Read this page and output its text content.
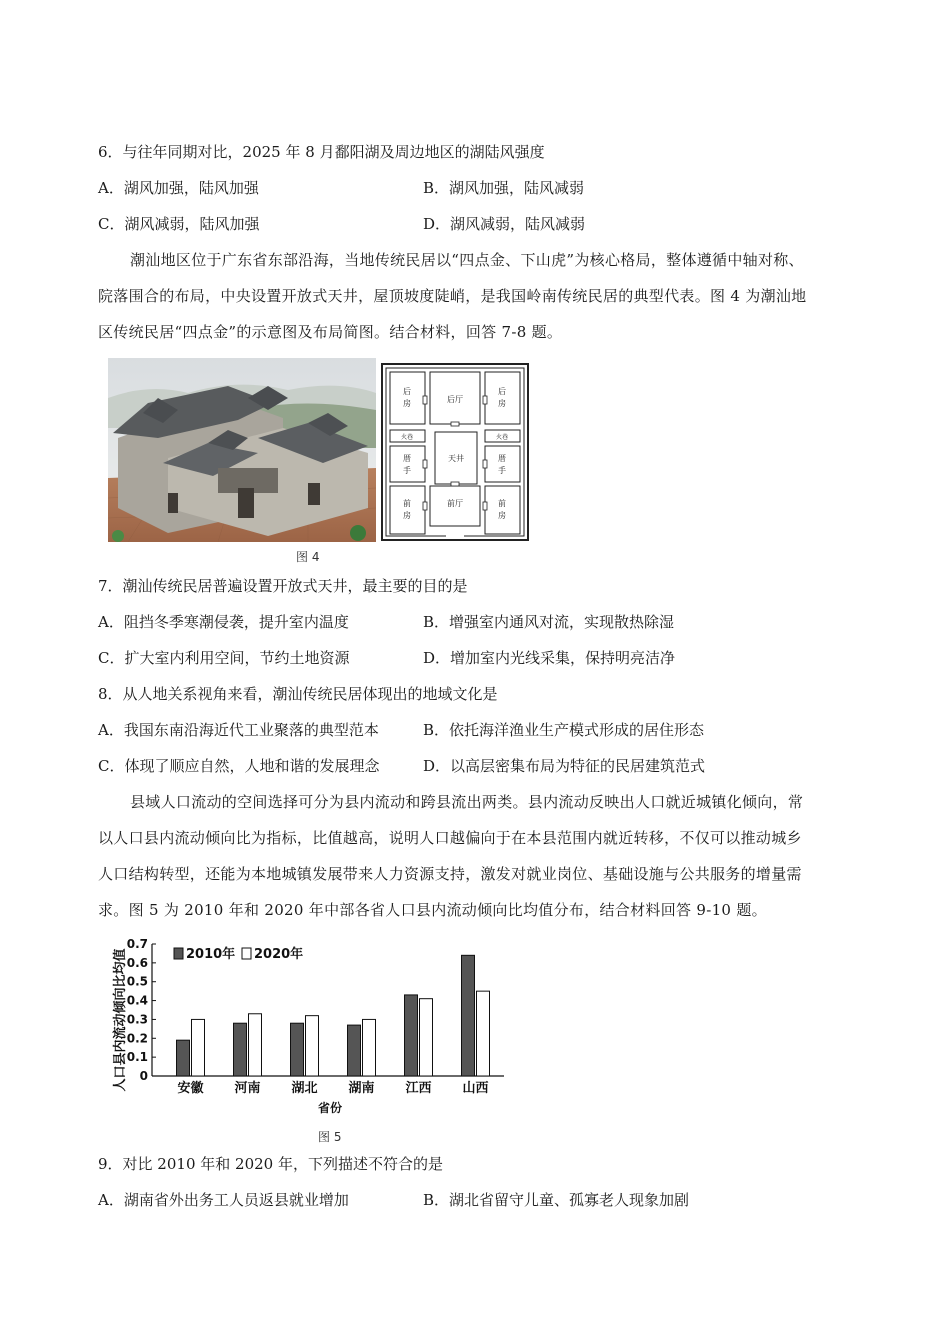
6．与往年同期对比，2025 年 8 月鄱阳湖及周边地区的湖陆风强度
A．湖风加强，陆风加强	B．湖风加强，陆风减弱
C．湖风减弱，陆风加强	D．湖风减弱，陆风减弱
潮汕地区位于广东省东部沿海，当地传统民居以“四点金、下山虎”为核心格局，整体遵循中轴对称、
院落围合的布局，中央设置开放式天井，屋顶坡度陡峭，是我国岭南传统民居的典型代表。图 4 为潮汕地
区传统民居“四点金”的示意图及布局简图。结合材料，回答 7-8 题。
后
房	后厅
后
房
火巷	火巷
厝
手
天井	厝
手
前
房
前厅	前
房
图 4
7．潮汕传统民居普遍设置开放式天井，最主要的目的是
A．阻挡冬季寒潮侵袭，提升室内温度	B．增强室内通风对流，实现散热除湿
C．扩大室内利用空间，节约土地资源	D．增加室内光线采集，保持明亮洁净
8．从人地关系视角来看，潮汕传统民居体现出的地域文化是
A．我国东南沿海近代工业聚落的典型范本	B．依托海洋渔业生产模式形成的居住形态
C．体现了顺应自然，人地和谐的发展理念	D．以高层密集布局为特征的民居建筑范式
县域人口流动的空间选择可分为县内流动和跨县流出两类。县内流动反映出人口就近城镇化倾向，常
以人口县内流动倾向比为指标，比值越高，说明人口越偏向于在本县范围内就近转移，不仅可以推动城乡
人口结构转型，还能为本地城镇发展带来人力资源支持，激发对就业岗位、基础设施与公共服务的增量需
求。图 5 为 2010 年和 2020 年中部各省人口县内流动倾向比均值分布，结合材料回答 9-10 题。
人口县内流动倾向比均值
省份
0
0.1
0.2
0.3
0.4
0.5
0.6
0.7
安徽 河南 湖北 湖南 江西 山西
2010年 2020年
图 5
9．对比 2010 年和 2020 年，下列描述不符合的是
A．湖南省外出务工人员返县就业增加	B．湖北省留守儿童、孤寡老人现象加剧
